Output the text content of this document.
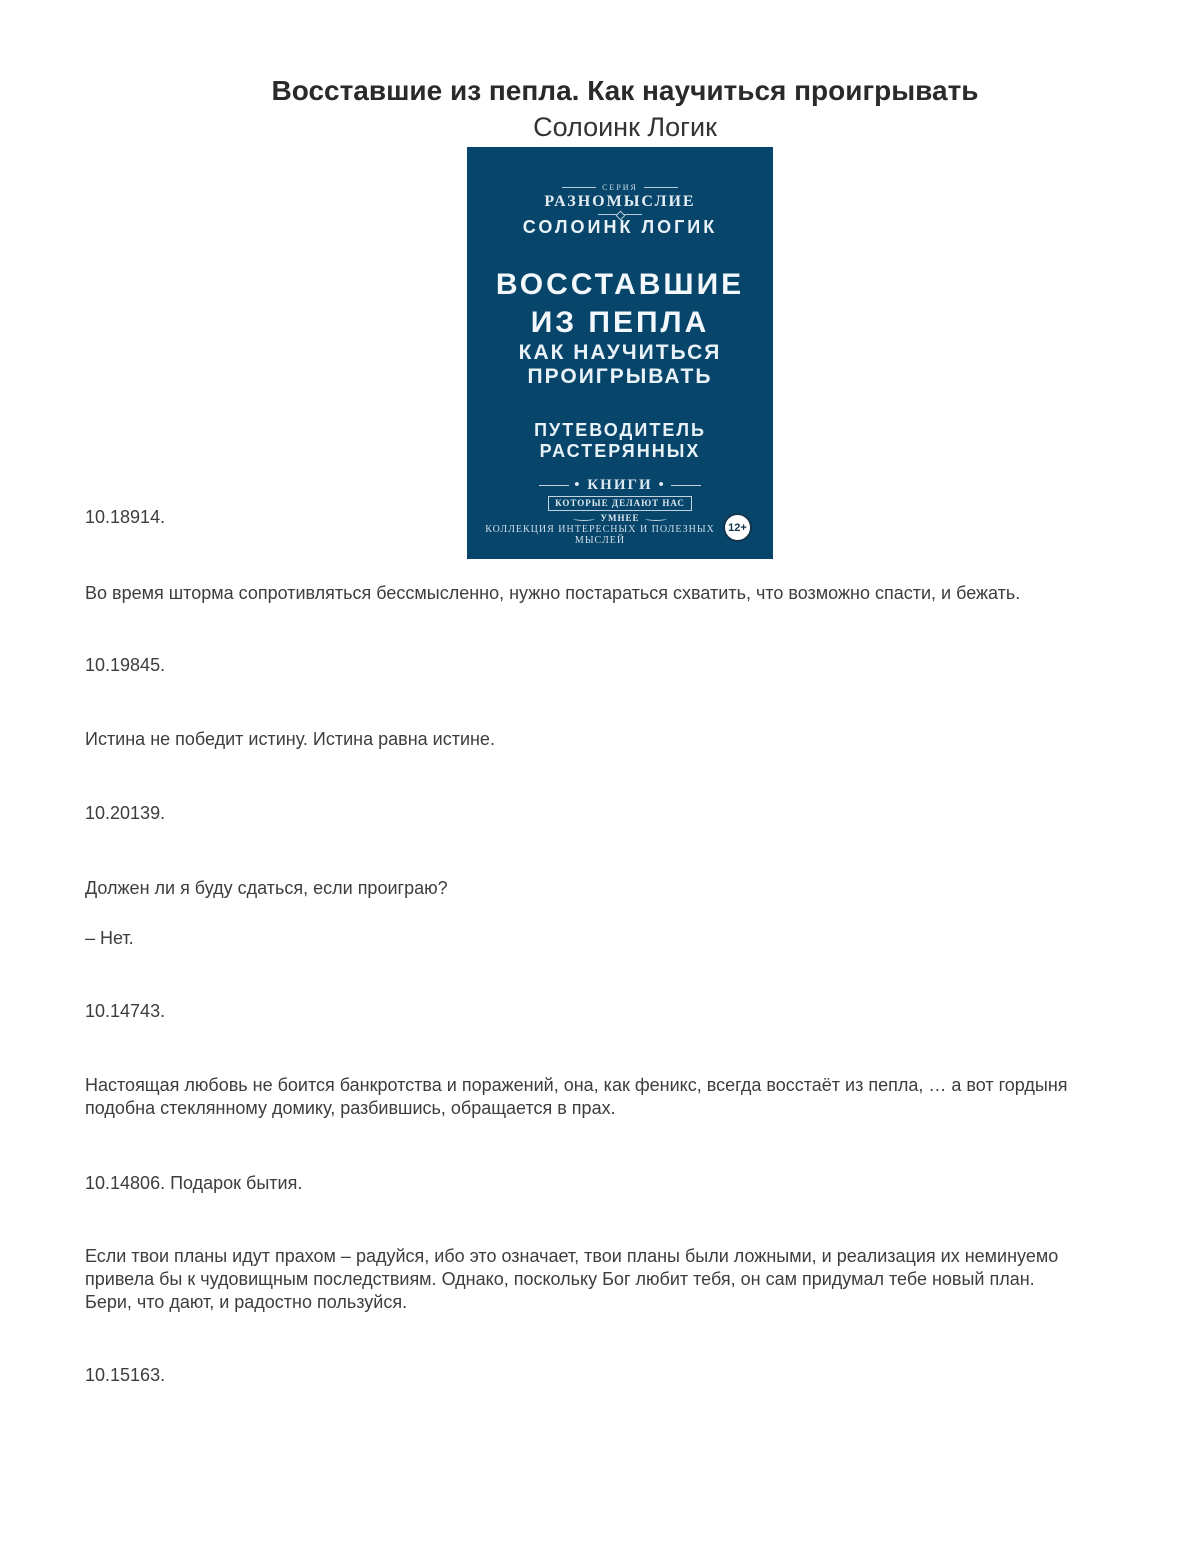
Восставшие из пепла. Как научиться проигрывать
Солоинк Логик
СЕРИЯ
РАЗНОМЫСЛИЕ
СОЛОИНК ЛОГИК
ВОССТАВШИЕ
ИЗ ПЕПЛА
КАК НАУЧИТЬСЯ
ПРОИГРЫВАТЬ
ПУТЕВОДИТЕЛЬ
РАСТЕРЯННЫХ
• КНИГИ •
КОТОРЫЕ ДЕЛАЮТ НАС
УМНЕЕ
КОЛЛЕКЦИЯ ИНТЕРЕСНЫХ И ПОЛЕЗНЫХ МЫСЛЕЙ
12+
10.18914.
Во время шторма сопротивляться бессмысленно, нужно постараться схватить, что возможно спасти, и бежать.
10.19845.
Истина не победит истину. Истина равна истине.
10.20139.
Должен ли я буду сдаться, если проиграю?
– Нет.
10.14743.
Настоящая любовь не боится банкротства и поражений, она, как феникс, всегда восстаёт из пепла, … а вот гордыня
подобна стеклянному домику, разбившись, обращается в прах.
10.14806. Подарок бытия.
Если твои планы идут прахом – радуйся, ибо это означает, твои планы были ложными, и реализация их неминуемо
привела бы к чудовищным последствиям. Однако, поскольку Бог любит тебя, он сам придумал тебе новый план.
Бери, что дают, и радостно пользуйся.
10.15163.
